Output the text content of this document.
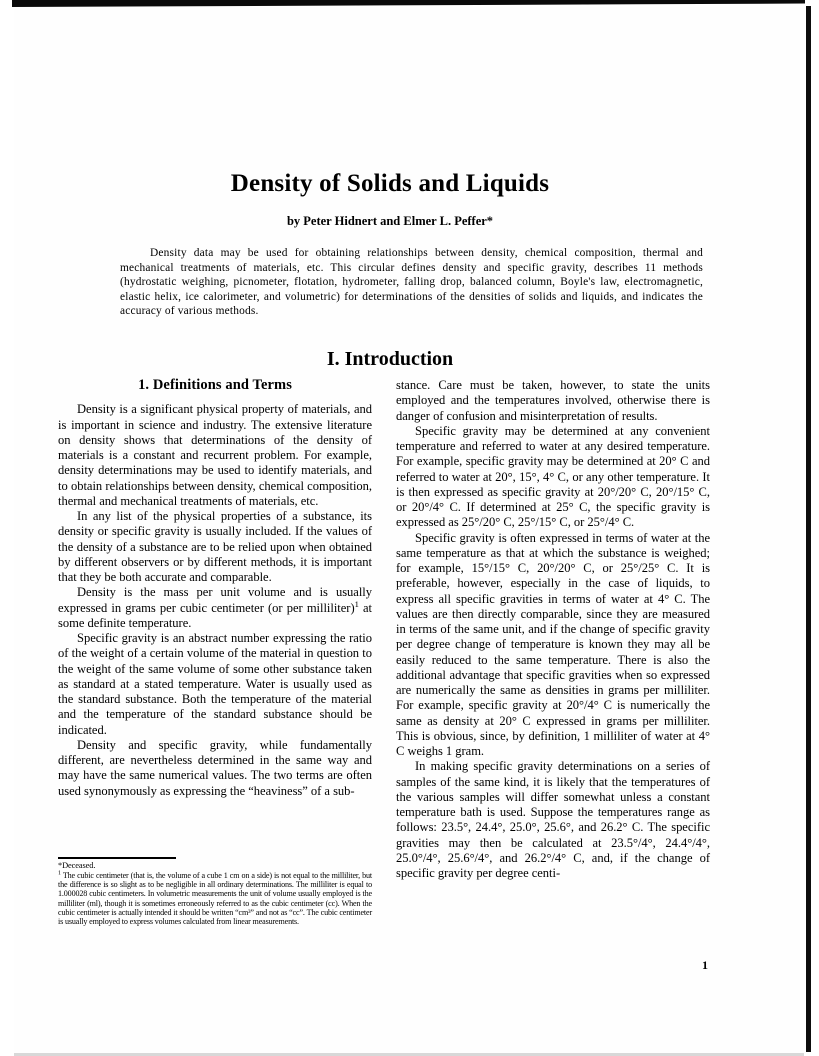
Density of Solids and Liquids
by Peter Hidnert and Elmer L. Peffer*
Density data may be used for obtaining relationships between density, chemical composition, thermal and mechanical treatments of materials, etc. This circular defines density and specific gravity, describes 11 methods (hydrostatic weighing, picnometer, flotation, hydrometer, falling drop, balanced column, Boyle's law, electromagnetic, elastic helix, ice calorimeter, and volumetric) for determinations of the densities of solids and liquids, and indicates the accuracy of various methods.
I. Introduction
1. Definitions and Terms

Density is a significant physical property of materials, and is important in science and industry. The extensive literature on density shows that determinations of the density of materials is a constant and recurrent problem. For example, density determinations may be used to identify materials, and to obtain relationships between density, chemical composition, thermal and mechanical treatments of materials, etc.

In any list of the physical properties of a substance, its density or specific gravity is usually included. If the values of the density of a substance are to be relied upon when obtained by different observers or by different methods, it is important that they be both accurate and comparable.

Density is the mass per unit volume and is usually expressed in grams per cubic centimeter (or per milliliter)$^1$ at some definite temperature.

Specific gravity is an abstract number expressing the ratio of the weight of a certain volume of the material in question to the weight of the same volume of some other substance taken as standard at a stated temperature. Water is usually used as the standard substance. Both the temperature of the material and the temperature of the standard substance should be indicated.

Density and specific gravity, while fundamentally different, are nevertheless determined in the same way and may have the same numerical values. The two terms are often used synonymously as expressing the “heaviness” of a sub-

stance. Care must be taken, however, to state the units employed and the temperatures involved, otherwise there is danger of confusion and misinterpretation of results.

Specific gravity may be determined at any convenient temperature and referred to water at any desired temperature. For example, specific gravity may be determined at 20° C and referred to water at 20°, 15°, 4° C, or any other temperature. It is then expressed as specific gravity at 20°/20° C, 20°/15° C, or 20°/4° C. If determined at 25° C, the specific gravity is expressed as 25°/20° C, 25°/15° C, or 25°/4° C.

Specific gravity is often expressed in terms of water at the same temperature as that at which the substance is weighed; for example, 15°/15° C, 20°/20° C, or 25°/25° C. It is preferable, however, especially in the case of liquids, to express all specific gravities in terms of water at 4° C. The values are then directly comparable, since they are measured in terms of the same unit, and if the change of specific gravity per degree change of temperature is known they may all be easily reduced to the same temperature. There is also the additional advantage that specific gravities when so expressed are numerically the same as densities in grams per milliliter. For example, specific gravity at 20°/4° C is numerically the same as density at 20° C expressed in grams per milliliter. This is obvious, since, by definition, 1 milliliter of water at 4° C weighs 1 gram.

In making specific gravity determinations on a series of samples of the same kind, it is likely that the temperatures of the various samples will differ somewhat unless a constant temperature bath is used. Suppose the temperatures range as follows: 23.5°, 24.4°, 25.0°, 25.6°, and 26.2° C. The specific gravities may then be calculated at 23.5°/4°, 24.4°/4°, 25.0°/4°, 25.6°/4°, and 26.2°/4° C, and, if the change of specific gravity per degree centi-

*Deceased.

$^1$ The cubic centimeter (that is, the volume of a cube 1 cm on a side) is not equal to the milliliter, but the difference is so slight as to be negligible in all ordinary determinations. The milliliter is equal to 1.000028 cubic centimeters. In volumetric measurements the unit of volume usually employed is the milliliter (ml), though it is sometimes erroneously referred to as the cubic centimeter (cc). When the cubic centimeter is actually intended it should be written “cm³” and not as “cc”. The cubic centimeter is usually employed to express volumes calculated from linear measurements.

1
